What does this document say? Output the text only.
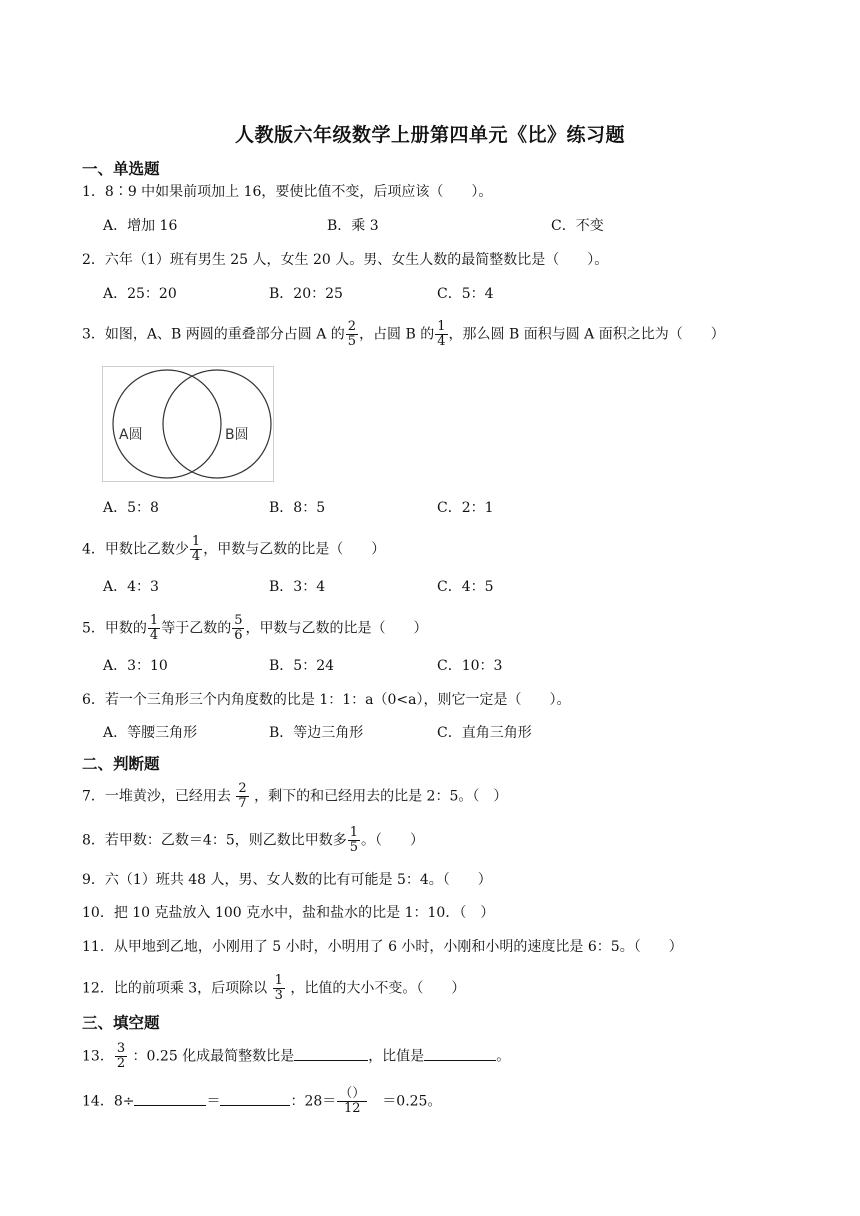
人教版六年级数学上册第四单元《比》练习题
一、单选题
1．8∶9 中如果前项加上 16，要使比值不变，后项应该（　　）。
A．增加 16	B．乘 3	C．不变
2．六年（1）班有男生 25 人，女生 20 人。男、女生人数的最简整数比是（　　）。
A．25：20	B．20：25	C．5：4
3．如图，A、B 两圆的重叠部分占圆 A 的 $\frac{2}{5}$ ，占圆 B 的 $\frac{1}{4}$ ，那么圆 B 面积与圆 A 面积之比为（　　）
A圆	B圆
A．5：8	B．8：5	C．2：1
4．甲数比乙数少 $\frac{1}{4}$ ，甲数与乙数的比是（　　）
A．4：3	B．3：4	C．4：5
5．甲数的 $\frac{1}{4}$ 等于乙数的 $\frac{5}{6}$ ，甲数与乙数的比是（　　）
A．3：10	B．5：24	C．10：3
6．若一个三角形三个内角度数的比是 1：1：a（0<a），则它一定是（　　）。
A．等腰三角形	B．等边三角形	C．直角三角形
二、判断题
7．一堆黄沙，已经用去 $\frac{2}{7}$ ，剩下的和已经用去的比是 2：5。（　）
8．若甲数：乙数＝4：5，则乙数比甲数多 $\frac{1}{5}$ 。（　　）
9．六（1）班共 48 人，男、女人数的比有可能是 5：4。（　　）
10．把 10 克盐放入 100 克水中，盐和盐水的比是 1：10．（　）
11．从甲地到乙地，小刚用了 5 小时，小明用了 6 小时，小刚和小明的速度比是 6：5。（　　）
12．比的前项乘 3，后项除以 $\frac{1}{3}$ ，比值的大小不变。（　　）
三、填空题
13． $\frac{3}{2}$ ：0.25 化成最简整数比是	，比值是	。
14．8÷	＝	：$28= \frac{()}{12}$ 　＝0.25。
